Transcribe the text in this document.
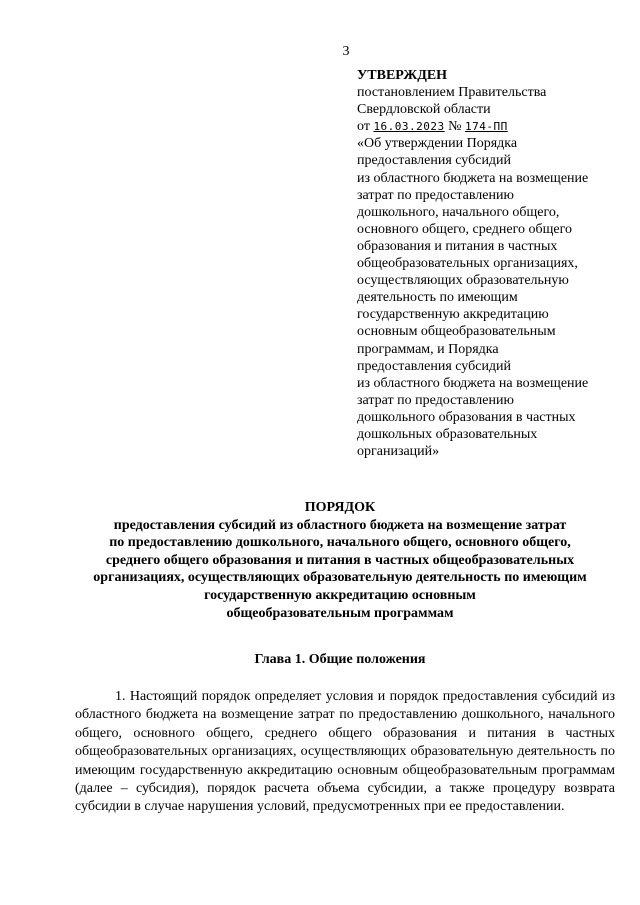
3
УТВЕРЖДЕН
постановлением Правительства
Свердловской области
от 16.03.2023 № 174-ПП
«Об утверждении Порядка
предоставления субсидий
из областного бюджета на возмещение
затрат по предоставлению
дошкольного, начального общего,
основного общего, среднего общего
образования и питания в частных
общеобразовательных организациях,
осуществляющих образовательную
деятельность по имеющим
государственную аккредитацию
основным общеобразовательным
программам, и Порядка
предоставления субсидий
из областного бюджета на возмещение
затрат по предоставлению
дошкольного образования в частных
дошкольных образовательных
организаций»
ПОРЯДОК
предоставления субсидий из областного бюджета на возмещение затрат
по предоставлению дошкольного, начального общего, основного общего,
среднего общего образования и питания в частных общеобразовательных
организациях, осуществляющих образовательную деятельность по имеющим
государственную аккредитацию основным
общеобразовательным программам
Глава 1. Общие положения

1. Настоящий порядок определяет условия и порядок предоставления субсидий из областного бюджета на возмещение затрат по предоставлению дошкольного, начального общего, основного общего, среднего общего образования и питания в частных общеобразовательных организациях, осуществляющих образовательную деятельность по имеющим государственную аккредитацию основным общеобразовательным программам (далее – субсидия), порядок расчета объема субсидии, а также процедуру возврата субсидии в случае нарушения условий, предусмотренных при ее предоставлении.
